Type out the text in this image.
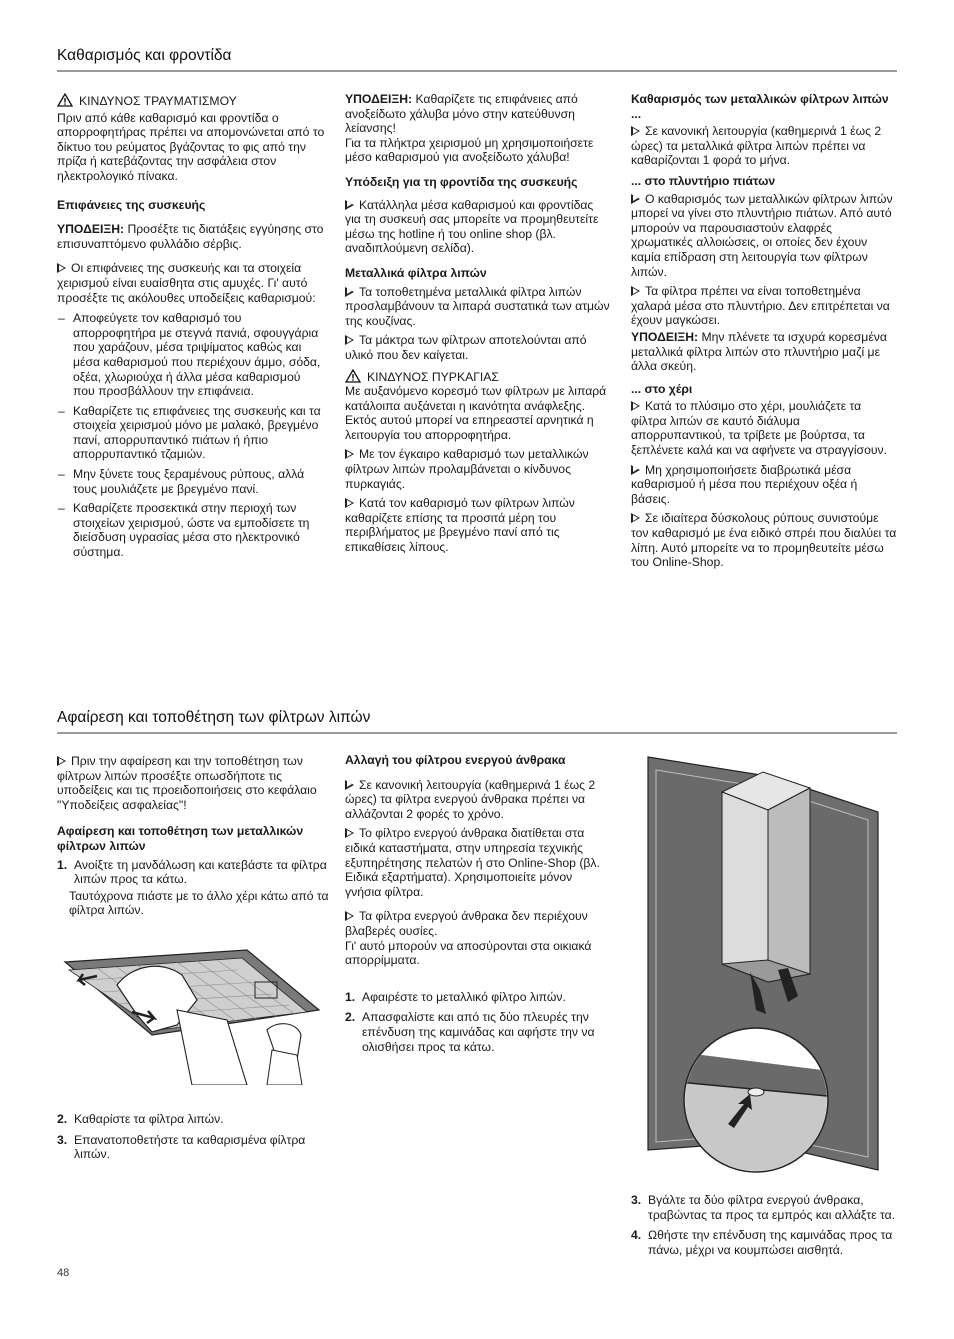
Καθαρισμός και φροντίδα

ΚΙΝΔΥΝΟΣ ΤΡΑΥΜΑΤΙΣΜΟΥ

Πριν από κάθε καθαρισμό και φροντίδα ο απορροφητήρας πρέπει να απομονώνεται από το δίκτυο του ρεύματος βγάζοντας το φις από την πρίζα ή κατεβάζοντας την ασφάλεια στον ηλεκτρολογικό πίνακα.

Επιφάνειες της συσκευής

ΥΠΟΔΕΙΞΗ: Προσέξτε τις διατάξεις εγγύησης στο επισυναπτόμενο φυλλάδιο σέρβις.

Οι επιφάνειες της συσκευής και τα στοιχεία χειρισμού είναι ευαίσθητα στις αμυχές. Γι' αυτό προσέξτε τις ακόλουθες υποδείξεις καθαρισμού:

– Αποφεύγετε τον καθαρισμό του απορροφητήρα με στεγνά πανιά, σφουγγάρια που χαράζουν, μέσα τριψίματος καθώς και μέσα καθαρισμού που περιέχουν άμμο, σόδα, οξέα, χλωριούχα ή άλλα μέσα καθαρισμού που προσβάλλουν την επιφάνεια.
– Καθαρίζετε τις επιφάνειες της συσκευής και τα στοιχεία χειρισμού μόνο με μαλακό, βρεγμένο πανί, απορρυπαντικό πιάτων ή ήπιο απορρυπαντικό τζαμιών.
– Μην ξύνετε τους ξεραμένους ρύπους, αλλά τους μουλιάζετε με βρεγμένο πανί.
– Καθαρίζετε προσεκτικά στην περιοχή των στοιχείων χειρισμού, ώστε να εμποδίσετε τη διείσδυση υγρασίας μέσα στο ηλεκτρονικό σύστημα.

ΥΠΟΔΕΙΞΗ: Καθαρίζετε τις επιφάνειες από ανοξείδωτο χάλυβα μόνο στην κατεύθυνση λείανσης!

Για τα πλήκτρα χειρισμού μη χρησιμοποιήσετε μέσο καθαρισμού για ανοξείδωτο χάλυβα!

Υπόδειξη για τη φροντίδα της συσκευής

Κατάλληλα μέσα καθαρισμού και φροντίδας για τη συσκευή σας μπορείτε να προμηθευτείτε μέσω της hotline ή του online shop (βλ. αναδιπλούμενη σελίδα).

Μεταλλικά φίλτρα λιπών

Τα τοποθετημένα μεταλλικά φίλτρα λιπών προσλαμβάνουν τα λιπαρά συστατικά των ατμών της κουζίνας.

Τα μάκτρα των φίλτρων αποτελούνται από υλικό που δεν καίγεται.

ΚΙΝΔΥΝΟΣ ΠΥΡΚΑΓΙΑΣ

Με αυξανόμενο κορεσμό των φίλτρων με λιπαρά κατάλοιπα αυξάνεται η ικανότητα ανάφλεξης. Εκτός αυτού μπορεί να επηρεαστεί αρνητικά η λειτουργία του απορροφητήρα.

Με τον έγκαιρο καθαρισμό των μεταλλικών φίλτρων λιπών προλαμβάνεται ο κίνδυνος πυρκαγιάς.

Κατά τον καθαρισμό των φίλτρων λιπών καθαρίζετε επίσης τα προσιτά μέρη του περιβλήματος με βρεγμένο πανί από τις επικαθίσεις λίπους.

Καθαρισμός των μεταλλικών φίλτρων λιπών ...

Σε κανονική λειτουργία (καθημερινά 1 έως 2 ώρες) τα μεταλλικά φίλτρα λιπών πρέπει να καθαρίζονται 1 φορά το μήνα.

... στο πλυντήριο πιάτων

Ο καθαρισμός των μεταλλικών φίλτρων λιπών μπορεί να γίνει στο πλυντήριο πιάτων. Από αυτό μπορούν να παρουσιαστούν ελαφρές χρωματικές αλλοιώσεις, οι οποίες δεν έχουν καμία επίδραση στη λειτουργία των φίλτρων λιπών.

Τα φίλτρα πρέπει να είναι τοποθετημένα χαλαρά μέσα στο πλυντήριο. Δεν επιτρέπεται να έχουν μαγκώσει.

ΥΠΟΔΕΙΞΗ: Μην πλένετε τα ισχυρά κορεσμένα μεταλλικά φίλτρα λιπών στο πλυντήριο μαζί με άλλα σκεύη.

... στο χέρι

Κατά το πλύσιμο στο χέρι, μουλιάζετε τα φίλτρα λιπών σε καυτό διάλυμα απορρυπαντικού, τα τρίβετε με βούρτσα, τα ξεπλένετε καλά και να αφήνετε να στραγγίσουν.

Μη χρησιμοποιήσετε διαβρωτικά μέσα καθαρισμού ή μέσα που περιέχουν οξέα ή βάσεις.

Σε ιδιαίτερα δύσκολους ρύπους συνιστούμε τον καθαρισμό με ένα ειδικό σπρέι που διαλύει τα λίπη. Αυτό μπορείτε να το προμηθευτείτε μέσω του Online-Shop.

Αφαίρεση και τοποθέτηση των φίλτρων λιπών

Πριν την αφαίρεση και την τοποθέτηση των φίλτρων λιπών προσέξτε οπωσδήποτε τις υποδείξεις και τις προειδοποιήσεις στο κεφάλαιο "Υποδείξεις ασφαλείας"!

Αφαίρεση και τοποθέτηση των μεταλλικών φίλτρων λιπών
1. Ανοίξτε τη μανδάλωση και κατεβάστε τα φίλτρα λιπών προς τα κάτω.

Ταυτόχρονα πιάστε με το άλλο χέρι κάτω από τα φίλτρα λιπών.

2. Καθαρίστε τα φίλτρα λιπών.
3. Επανατοποθετήστε τα καθαρισμένα φίλτρα λιπών.
Αλλαγή του φίλτρου ενεργού άνθρακα

Σε κανονική λειτουργία (καθημερινά 1 έως 2 ώρες) τα φίλτρα ενεργού άνθρακα πρέπει να αλλάζονται 2 φορές το χρόνο.

Το φίλτρο ενεργού άνθρακα διατίθεται στα ειδικά καταστήματα, στην υπηρεσία τεχνικής εξυπηρέτησης πελατών ή στο Online-Shop (βλ. Ειδικά εξαρτήματα). Χρησιμοποιείτε μόνον γνήσια φίλτρα.

Τα φίλτρα ενεργού άνθρακα δεν περιέχουν βλαβερές ουσίες.

Γι' αυτό μπορούν να αποσύρονται στα οικιακά απορρίμματα.

1. Αφαιρέστε το μεταλλικό φίλτρο λιπών.
2. Απασφαλίστε και από τις δύο πλευρές την επένδυση της καμινάδας και αφήστε την να ολισθήσει προς τα κάτω.
3. Βγάλτε τα δύο φίλτρα ενεργού άνθρακα, τραβώντας τα προς τα εμπρός και αλλάξτε τα.
4. Ωθήστε την επένδυση της καμινάδας προς τα πάνω, μέχρι να κουμπώσει αισθητά.
48
